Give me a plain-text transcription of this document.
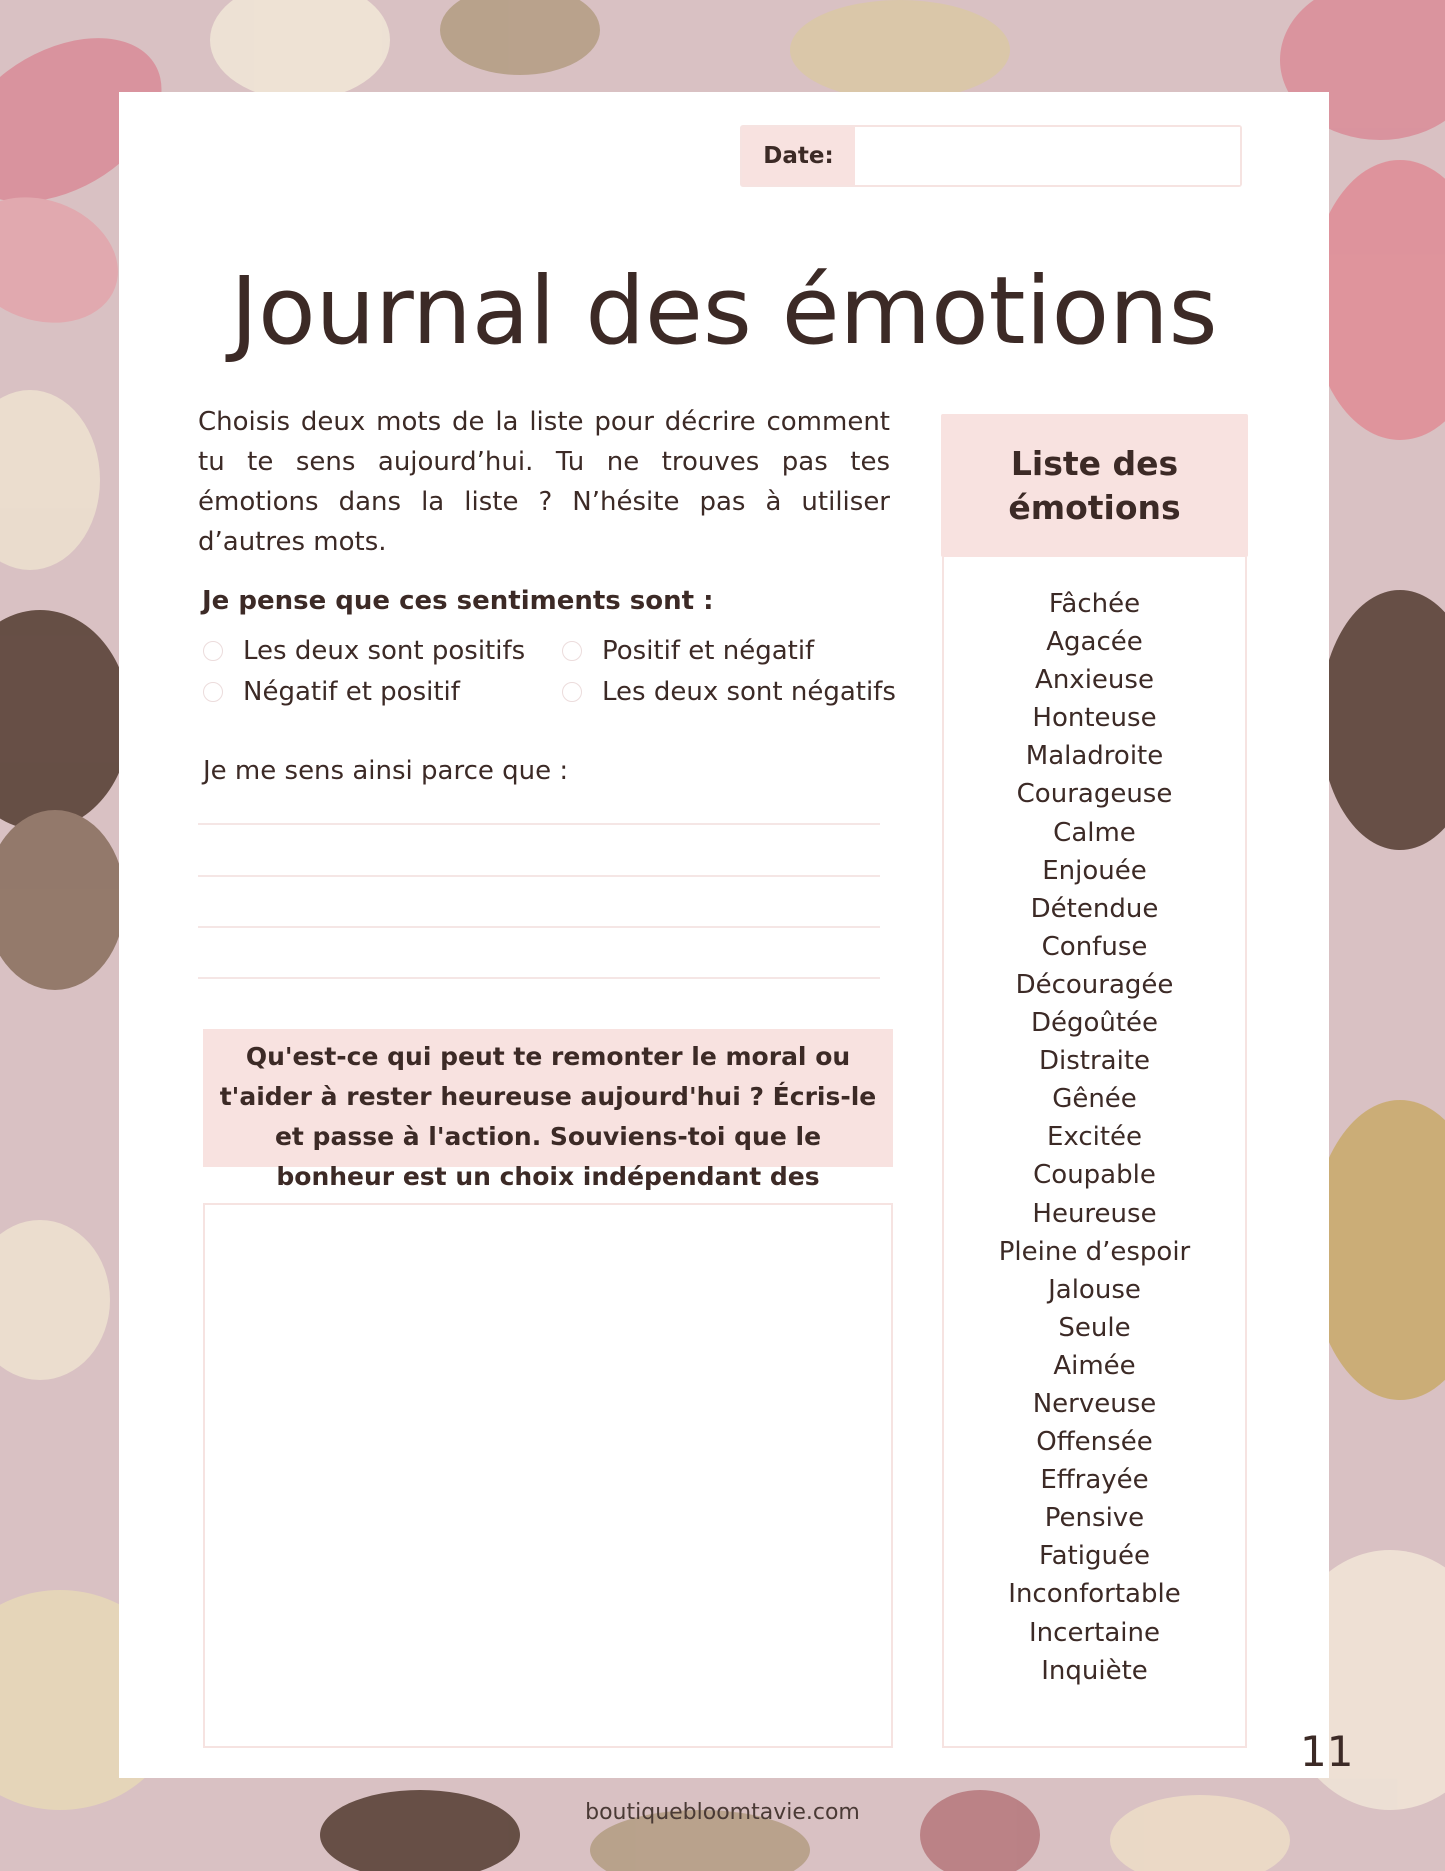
Date:
Journal des émotions

Choisis deux mots de la liste pour décrire comment tu te sens aujourd’hui. Tu ne trouves pas tes émotions dans la liste ? N’hésite pas à utiliser d’autres mots.

Je pense que ces sentiments sont :

Les deux sont positifs	Positif et négatif
Négatif et positif	Les deux sont négatifs

Je me sens ainsi parce que :

Qu'est-ce qui peut te remonter le moral ou t'aider à rester heureuse aujourd'hui ? Écris-le et passe à l'action. Souviens-toi que le bonheur est un choix indépendant des
Liste des
émotions
Fâchée
Agacée
Anxieuse
Honteuse
Maladroite
Courageuse
Calme
Enjouée
Détendue
Confuse
Découragée
Dégoûtée
Distraite
Gênée
Excitée
Coupable
Heureuse
Pleine d’espoir
Jalouse
Seule
Aimée
Nerveuse
Offensée
Effrayée
Pensive
Fatiguée
Inconfortable
Incertaine
Inquiète
11
boutiquebloomtavie.com
